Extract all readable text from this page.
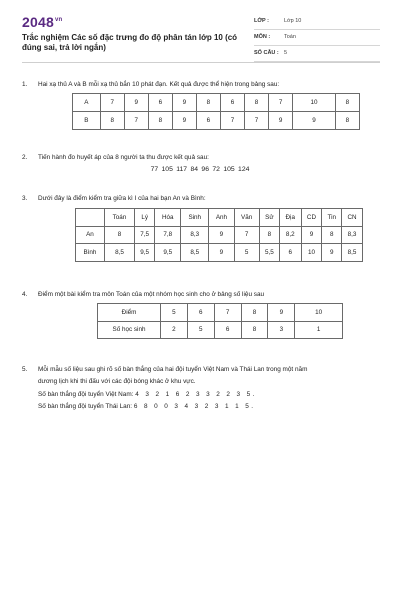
$2048^{vn}$
Trắc nghiệm Các số đặc trưng đo độ phân tán lớp 10 (có đúng sai, trả lời ngắn)
LỚP :	Lớp 10
MÔN :	Toán
SỐ CÂU : 5
1.	Hai xạ thủ A và B mỗi xạ thủ bắn 10 phát đạn. Kết quả được thể hiện trong bảng sau:
A	7	9	6	9	8	6	8	7	10	8
B	8	7	8	9	6	7	7	9	9	8
2.	Tiến hành đo huyết áp của 8 người ta thu được kết quả sau:
77 105 117 84 96 72 105 124
3.	Dưới đây là điểm kiểm tra giữa kì I của hai bạn An và Bình:
	Toán	Lý	Hóa	Sinh	Anh	Văn	Sử	Địa	CD	Tin	CN
An	8	7,5	7,8	8,3	9	7	8	8,2	9	8	8,3
Bình	8,5	9,5	9,5	8,5	9	5	5,5	6	10	9	8,5
4.	Điểm một bài kiểm tra môn Toán của một nhóm học sinh cho ở bảng số liệu sau
Điểm	5	6	7	8	9	10
Số học sinh	2	5	6	8	3	1
5.	Mỗi mẫu số liệu sau ghi rõ số bàn thắng của hai đội tuyển Việt Nam và Thái Lan trong một năm
dương lịch khi thi đấu với các đội bóng khác ở khu vực.
Số bàn thắng đội tuyển Việt Nam: 4 3 2 1 6 2 3 3 2 2 3 5.
Số bàn thắng đội tuyển Thái Lan: 6 8 0 0 3 4 3 2 3 1 1 5.
